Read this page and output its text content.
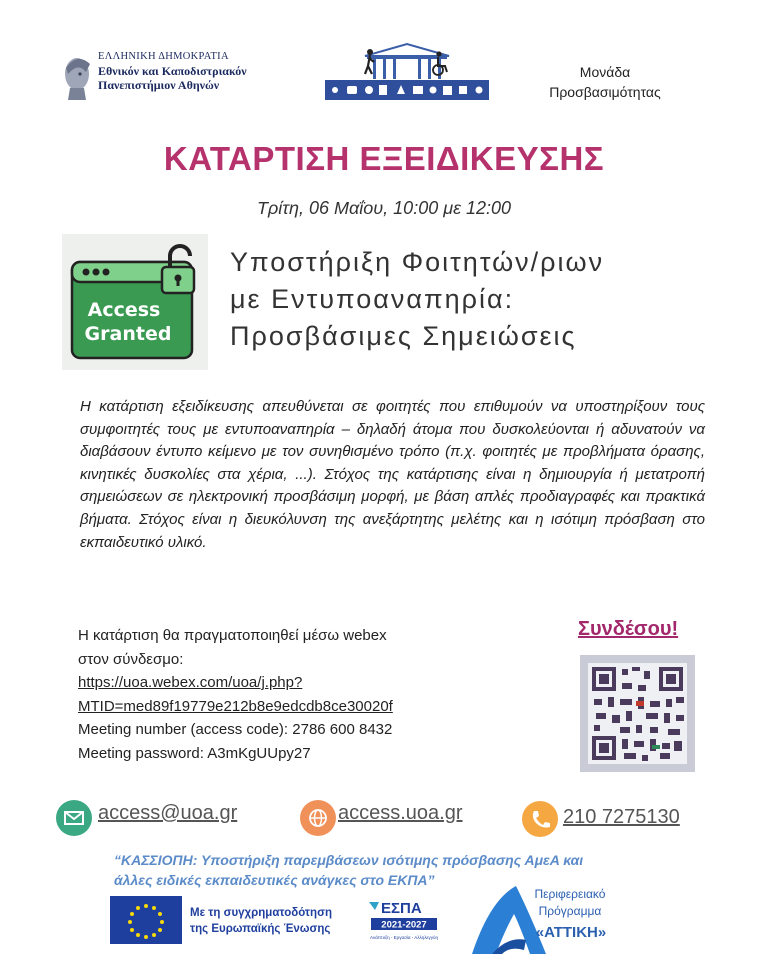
ΕΛΛΗΝΙΚΗ ΔΗΜΟΚΡΑΤΙΑ
Εθνικόν και Καποδιστριακόν
Πανεπιστήμιον Αθηνών
Μονάδα
Προσβασιμότητας
ΚΑΤΑΡΤΙΣΗ ΕΞΕΙΔΙΚΕΥΣΗΣ
Τρίτη, 06 Μαΐου, 10:00 με 12:00
Access
Granted
Υποστήριξη Φοιτητών/ριων
με Εντυποαναπηρία:
Προσβάσιμες Σημειώσεις
Η κατάρτιση εξειδίκευσης απευθύνεται σε φοιτητές που επιθυμούν να υποστηρίξουν τους συμφοιτητές τους με εντυποαναπηρία – δηλαδή άτομα που δυσκολεύονται ή αδυνατούν να διαβάσουν έντυπο κείμενο με τον συνηθισμένο τρόπο (π.χ. φοιτητές με προβλήματα όρασης, κινητικές δυσκολίες στα χέρια, ...). Στόχος της κατάρτισης είναι η δημιουργία ή μετατροπή σημειώσεων σε ηλεκτρονική προσβάσιμη μορφή, με βάση απλές προδιαγραφές και πρακτικά βήματα. Στόχος είναι η διευκόλυνση της ανεξάρτητης μελέτης και η ισότιμη πρόσβαση στο εκπαιδευτικό υλικό.
Η κατάρτιση θα πραγματοποιηθεί μέσω webex
στον σύνδεσμο:
https://uoa.webex.com/uoa/j.php?
MTID=med89f19779e212b8e9edcdb8ce30020f
Meeting number (access code): 2786 600 8432
Meeting password: A3mKgUUpy27
Συνδέσου!
access@uoa.gr	access.uoa.gr	210 7275130
“ΚΑΣΣΙΟΠΗ: Υποστήριξη παρεμβάσεων ισότιμης πρόσβασης ΑμεΑ και
άλλες ειδικές εκπαιδευτικές ανάγκες στο ΕΚΠΑ”
Με τη συγχρηματοδότηση
της Ευρωπαϊκής Ένωσης
ΕΣΠΑ
2021-2027
Ανάπτυξη - Εργασία - Αλληλεγγύη
Περιφερειακό
Πρόγραμμα
«ΑΤΤΙΚΗ»
